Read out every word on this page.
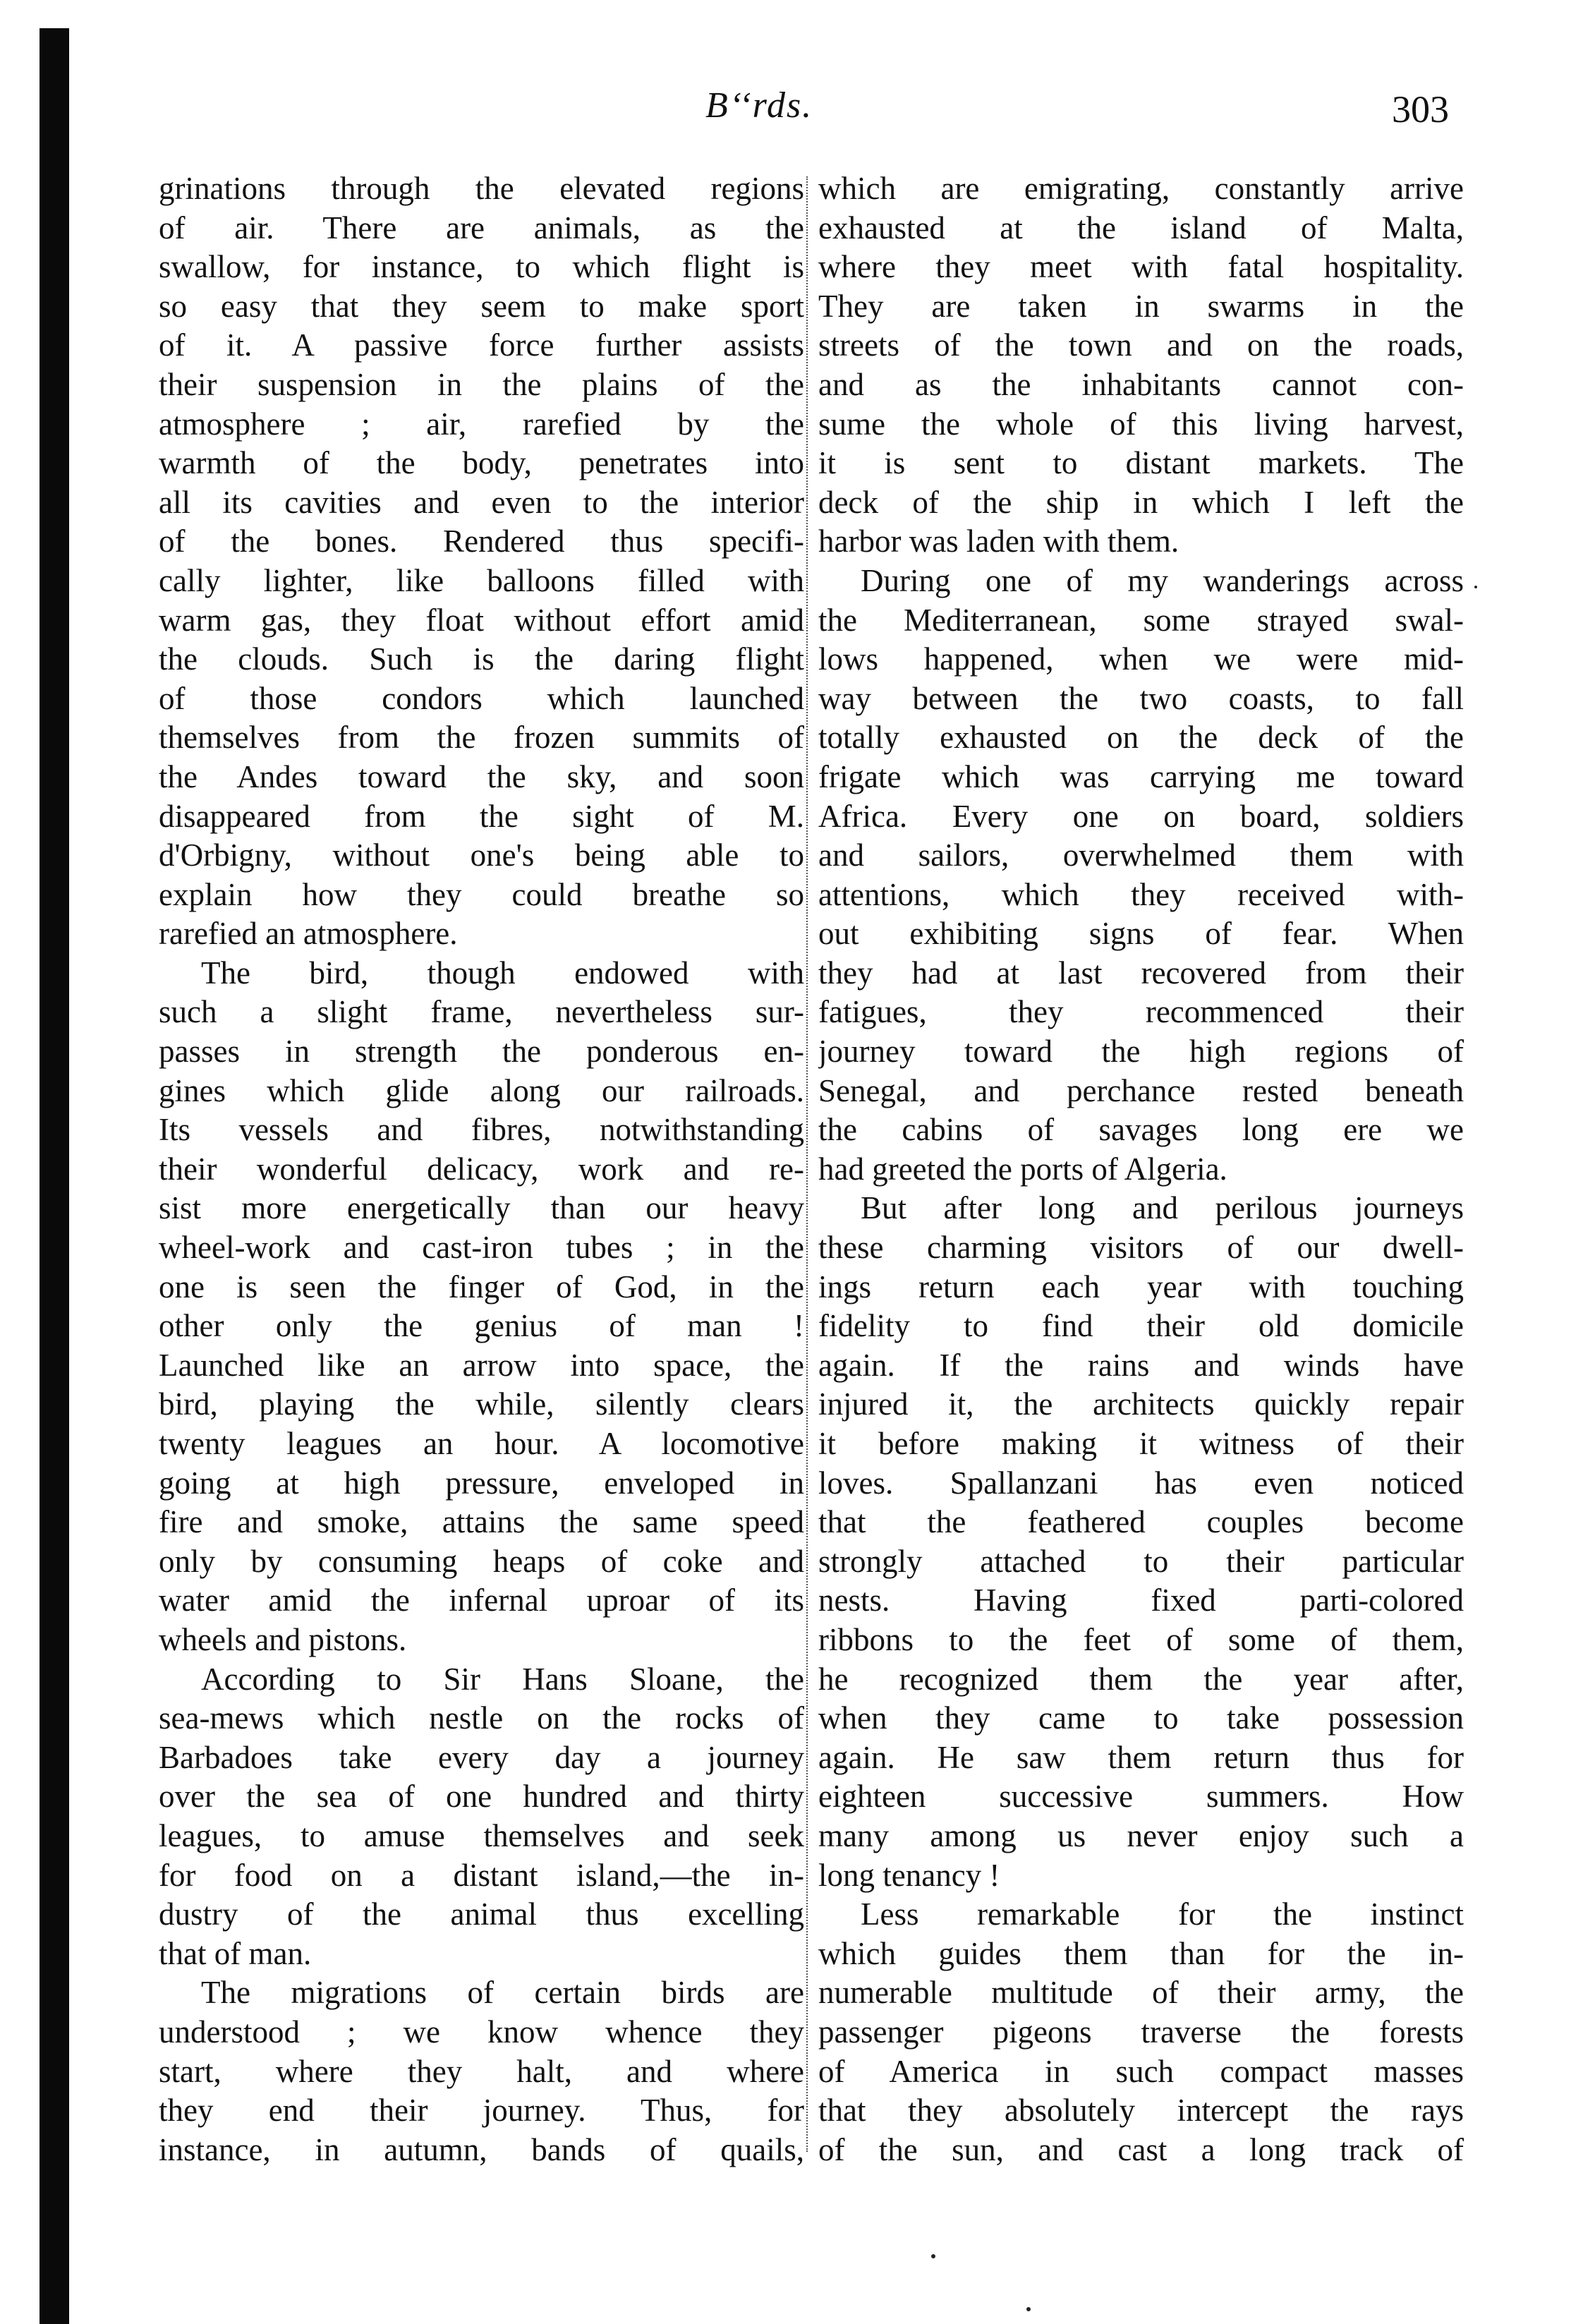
B‘‘rds.	303
grinations through the elevated regions
of air. There are animals, as the
swallow, for instance, to which flight is
so easy that they seem to make sport
of it. A passive force further assists
their suspension in the plains of the
atmosphere ; air, rarefied by the
warmth of the body, penetrates into
all its cavities and even to the interior
of the bones. Rendered thus specifi-
cally lighter, like balloons filled with
warm gas, they float without effort amid
the clouds. Such is the daring flight
of those condors which launched
themselves from the frozen summits of
the Andes toward the sky, and soon
disappeared from the sight of M.
d'Orbigny, without one's being able to
explain how they could breathe so
rarefied an atmosphere.
The bird, though endowed with
such a slight frame, nevertheless sur-
passes in strength the ponderous en-
gines which glide along our railroads.
Its vessels and fibres, notwithstanding
their wonderful delicacy, work and re-
sist more energetically than our heavy
wheel-work and cast-iron tubes ; in the
one is seen the finger of God, in the
other only the genius of man !
Launched like an arrow into space, the
bird, playing the while, silently clears
twenty leagues an hour. A locomotive
going at high pressure, enveloped in
fire and smoke, attains the same speed
only by consuming heaps of coke and
water amid the infernal uproar of its
wheels and pistons.
According to Sir Hans Sloane, the
sea-mews which nestle on the rocks of
Barbadoes take every day a journey
over the sea of one hundred and thirty
leagues, to amuse themselves and seek
for food on a distant island,—the in-
dustry of the animal thus excelling
that of man.
The migrations of certain birds are
understood ; we know whence they
start, where they halt, and where
they end their journey. Thus, for
instance, in autumn, bands of quails,
which are emigrating, constantly arrive
exhausted at the island of Malta,
where they meet with fatal hospitality.
They are taken in swarms in the
streets of the town and on the roads,
and as the inhabitants cannot con-
sume the whole of this living harvest,
it is sent to distant markets. The
deck of the ship in which I left the
harbor was laden with them.
During one of my wanderings across
the Mediterranean, some strayed swal-
lows happened, when we were mid-
way between the two coasts, to fall
totally exhausted on the deck of the
frigate which was carrying me toward
Africa. Every one on board, soldiers
and sailors, overwhelmed them with
attentions, which they received with-
out exhibiting signs of fear. When
they had at last recovered from their
fatigues, they recommenced their
journey toward the high regions of
Senegal, and perchance rested beneath
the cabins of savages long ere we
had greeted the ports of Algeria.
But after long and perilous journeys
these charming visitors of our dwell-
ings return each year with touching
fidelity to find their old domicile
again. If the rains and winds have
injured it, the architects quickly repair
it before making it witness of their
loves. Spallanzani has even noticed
that the feathered couples become
strongly attached to their particular
nests. Having fixed parti-colored
ribbons to the feet of some of them,
he recognized them the year after,
when they came to take possession
again. He saw them return thus for
eighteen successive summers. How
many among us never enjoy such a
long tenancy !
Less remarkable for the instinct
which guides them than for the in-
numerable multitude of their army, the
passenger pigeons traverse the forests
of America in such compact masses
that they absolutely intercept the rays
of the sun, and cast a long track of
